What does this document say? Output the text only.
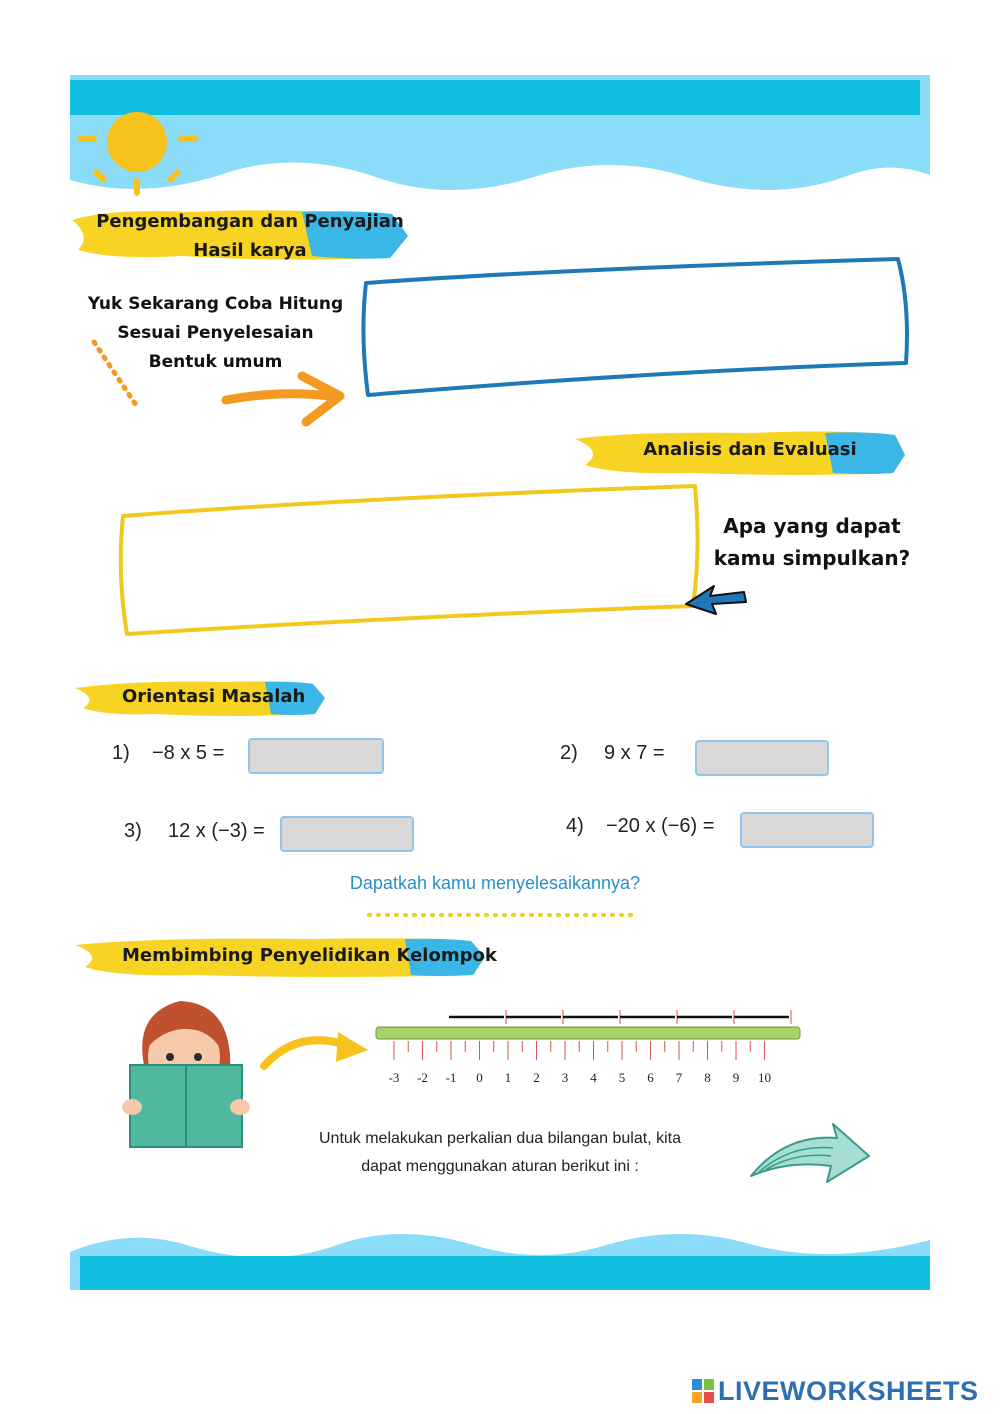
Pengembangan dan Penyajian
Hasil karya
Yuk Sekarang Coba Hitung
Sesuai Penyelesaian
Bentuk umum
Analisis dan Evaluasi
Apa yang dapat
kamu simpulkan?
Orientasi Masalah
1) −8 x 5 =	2) 9 x 7 =
3) 12 x (−3) =	4) −20 x (−6) =
Dapatkah kamu menyelesaikannya?
Membimbing Penyelidikan Kelompok
-3 -2 -1 0 1 2 3 4 5 6 7 8 9 10
Untuk melakukan perkalian dua bilangan bulat, kita
dapat menggunakan aturan berikut ini :
LIVEWORKSHEETS
